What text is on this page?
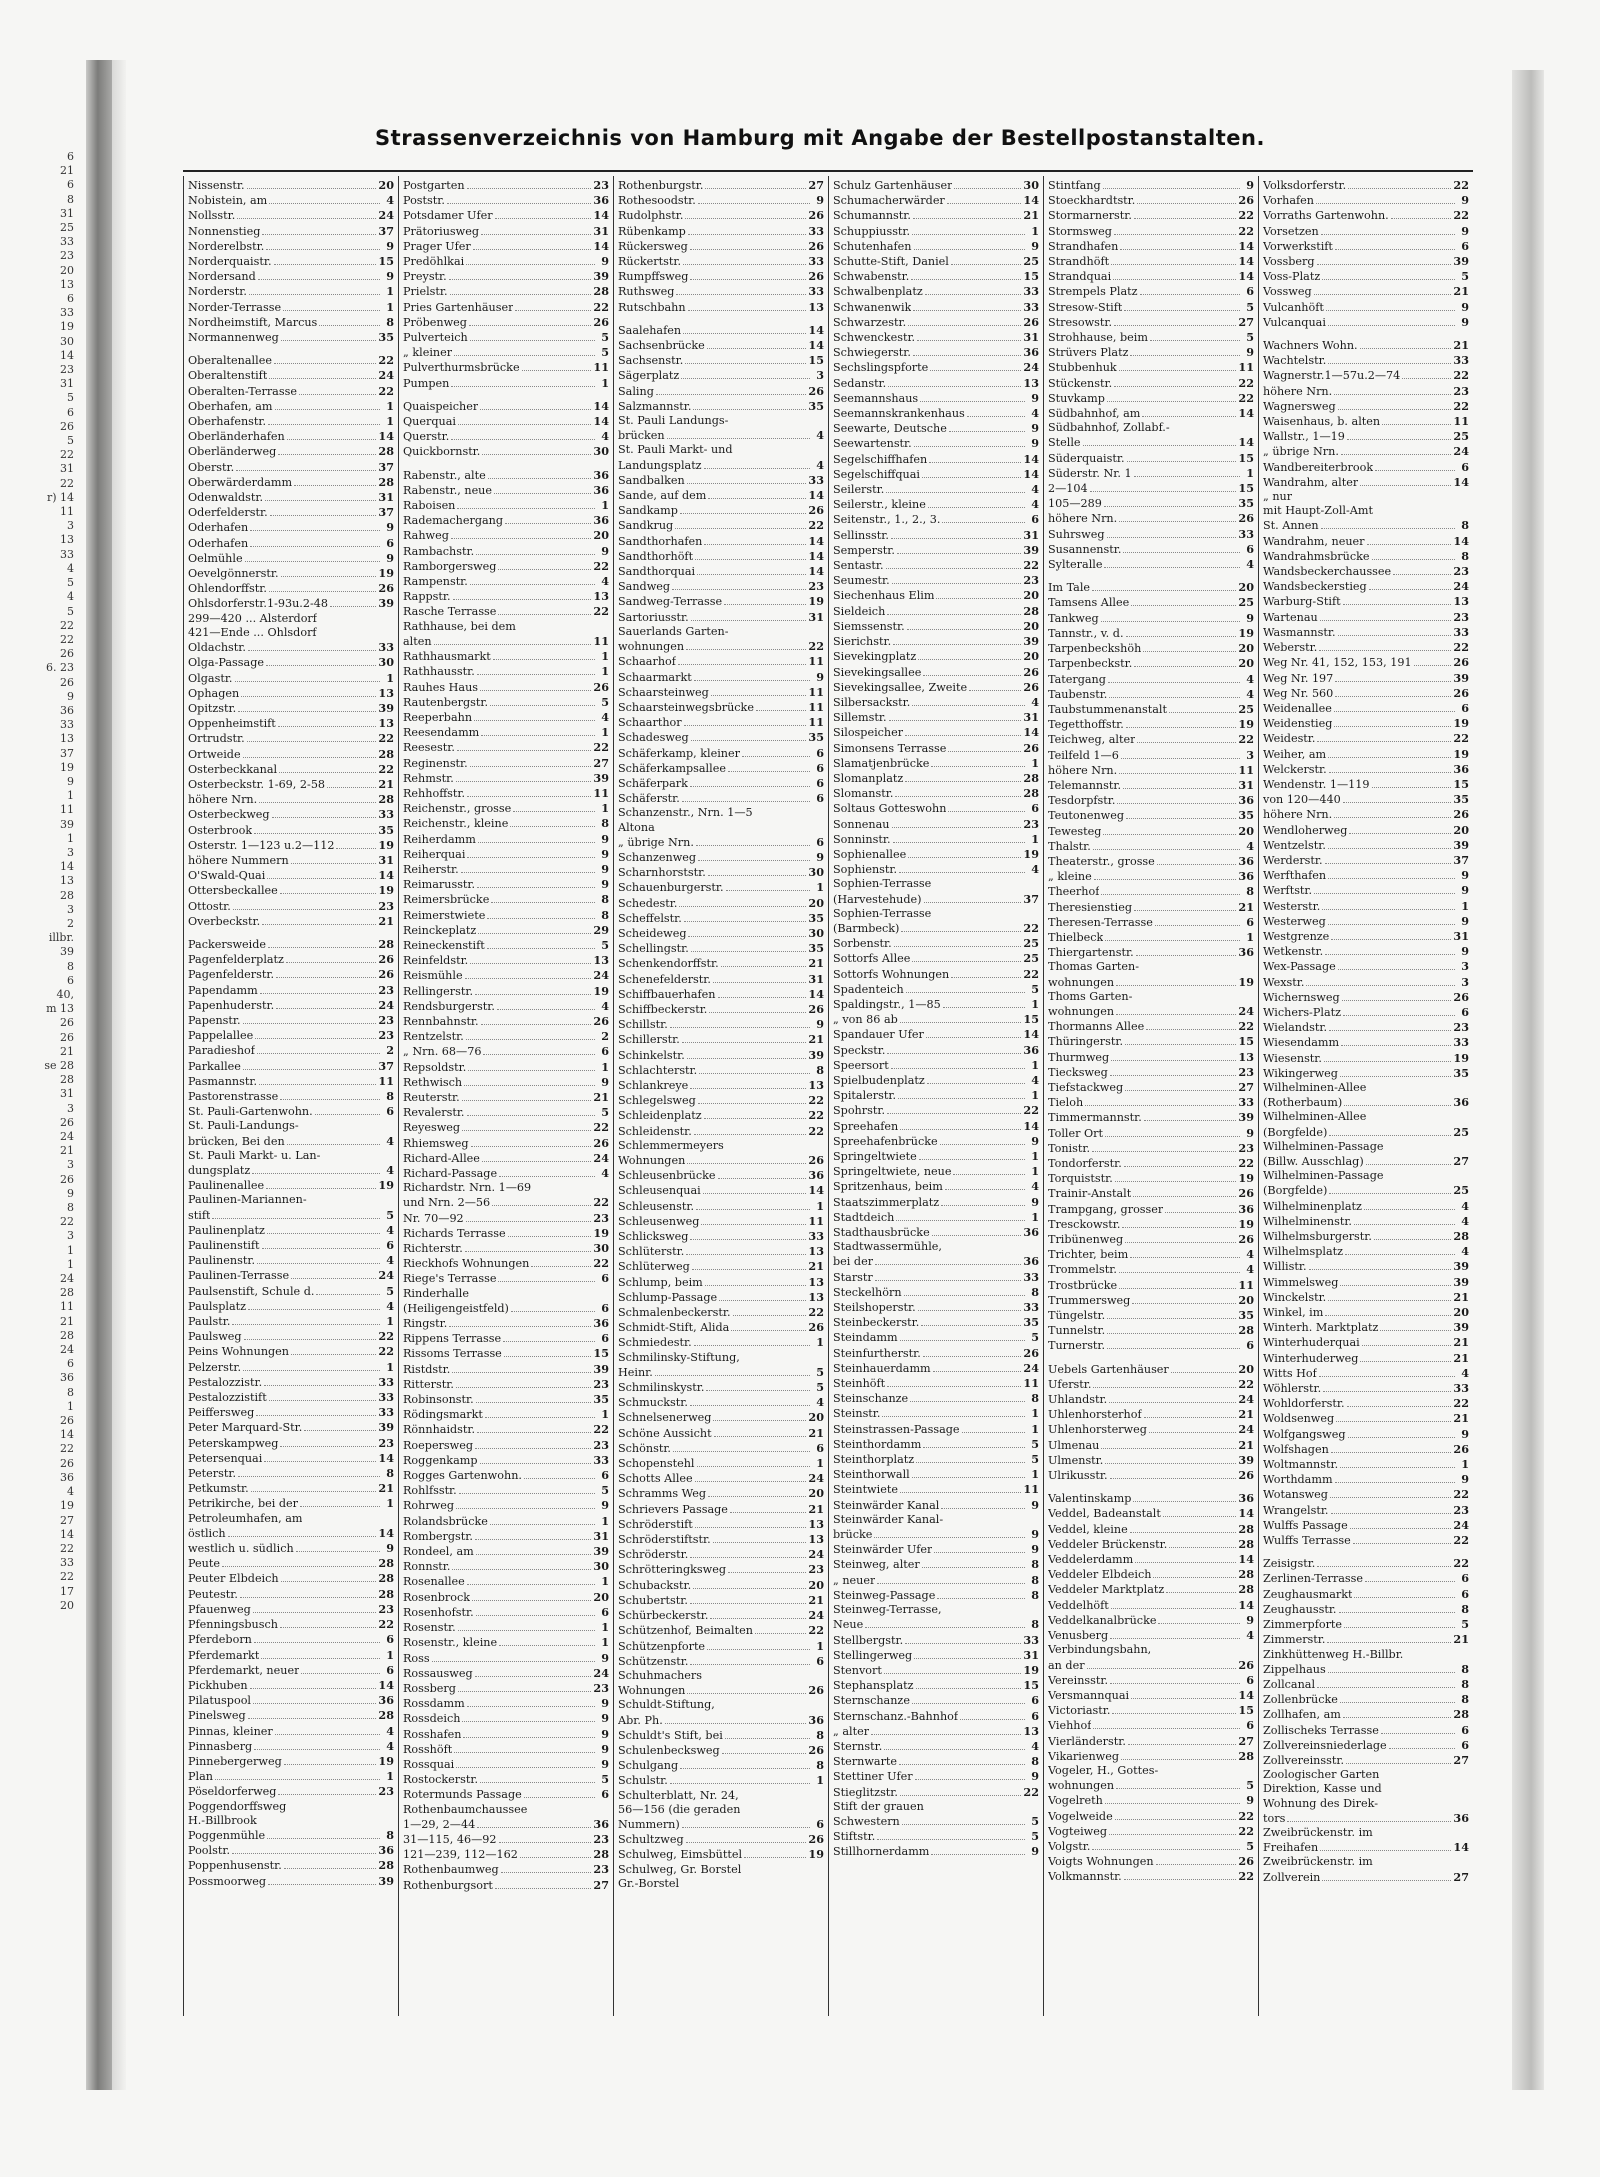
6
21
6
8
31
25
33
23
20
13
6
33
19
30
14
23
31
5
6
26
5
22
31
22
r) 14
11
3
13
33
4
5
4
5
22
22
26
6. 23
26
9
36
33
13
37
19
9
1
11
39
1
3
14
13
28
3
2
illbr.
39
8
6
40,
m 13
26
26
21
se 28
28
31
3
26
24
21
3
26
9
8
22
3
1
1
24
28
11
21
28
24
6
36
8
1
26
14
22
26
36
4
19
27
14
22
33
22
17
20
Strassenverzeichnis von Hamburg mit Angabe der Bestellpostanstalten.
Nissenstr.	20
Nobistein, am	4
Nollsstr.	24
Nonnenstieg	37
Norderelbstr.	9
Norderquaistr.	15
Nordersand	9
Norderstr.	1
Norder-Terrasse	1
Nordheimstift, Marcus	8
Normannenweg	35
Oberaltenallee	22
Oberaltenstift	24
Oberalten-Terrasse	22
Oberhafen, am	1
Oberhafenstr.	1
Oberländerhafen	14
Oberländerweg	28
Oberstr.	37
Oberwärderdamm	28
Odenwaldstr.	31
Oderfelderstr.	37
Oderhafen	9
Oderhafen	6
Oelmühle	9
Oevelgönnerstr.	19
Ohlendorffstr.	26
Ohlsdorferstr.1-93u.2-48	39
299—420 ... Alsterdorf
421—Ende ... Ohlsdorf
Oldachstr.	33
Olga-Passage	30
Olgastr.	1
Ophagen	13
Opitzstr.	39
Oppenheimstift	13
Ortrudstr.	22
Ortweide	28
Osterbeckkanal	22
Osterbeckstr. 1-69, 2-58	21
höhere Nrn.	28
Osterbeckweg	33
Osterbrook	35
Osterstr. 1—123 u.2—112	19
höhere Nummern	31
O'Swald-Quai	14
Ottersbeckallee	19
Ottostr.	23
Overbeckstr.	21
Packersweide	28
Pagenfelderplatz	26
Pagenfelderstr.	26
Papendamm	23
Papenhuderstr.	24
Papenstr.	23
Pappelallee	23
Paradieshof	2
Parkallee	37
Pasmannstr.	11
Pastorenstrasse	8
St. Pauli-Gartenwohn.	6
St. Pauli-Landungs-
brücken, Bei den	4
St. Pauli Markt- u. Lan-
dungsplatz	4
Paulinenallee	19
Paulinen-Mariannen-
stift	5
Paulinenplatz	4
Paulinenstift	6
Paulinenstr.	4
Paulinen-Terrasse	24
Paulsenstift, Schule d.	5
Paulsplatz	4
Paulstr.	1
Paulsweg	22
Peins Wohnungen	22
Pelzerstr.	1
Pestalozzistr.	33
Pestalozzistift	33
Peiffersweg	33
Peter Marquard-Str.	39
Peterskampweg	23
Petersenquai	14
Peterstr.	8
Petkumstr.	21
Petrikirche, bei der	1
Petroleumhafen, am
östlich	14
westlich u. südlich	9
Peute	28
Peuter Elbdeich	28
Peutestr.	28
Pfauenweg	23
Pfenningsbusch	22
Pferdeborn	6
Pferdemarkt	1
Pferdemarkt, neuer	6
Pickhuben	14
Pilatuspool	36
Pinelsweg	28
Pinnas, kleiner	4
Pinnasberg	4
Pinnebergerweg	19
Plan	1
Pöseldorferweg	23
Poggendorffsweg
H.-Billbrook
Poggenmühle	8
Poolstr.	36
Poppenhusenstr.	28
Possmoorweg	39
Postgarten	23
Poststr.	36
Potsdamer Ufer	14
Prätoriusweg	31
Prager Ufer	14
Predöhlkai	9
Preystr.	39
Prielstr.	28
Pries Gartenhäuser	22
Pröbenweg	26
Pulverteich	5
„ kleiner	5
Pulverthurmsbrücke	11
Pumpen	1
Quaispeicher	14
Querquai	14
Querstr.	4
Quickbornstr.	30
Rabenstr., alte	36
Rabenstr., neue	36
Raboisen	1
Rademachergang	36
Rahweg	20
Rambachstr.	9
Ramborgersweg	22
Rampenstr.	4
Rappstr.	13
Rasche Terrasse	22
Rathhause, bei dem
alten	11
Rathhausmarkt	1
Rathhausstr.	1
Rauhes Haus	26
Rautenbergstr.	5
Reeperbahn	4
Reesendamm	1
Reesestr.	22
Reginenstr.	27
Rehmstr.	39
Rehhoffstr.	11
Reichenstr., grosse	1
Reichenstr., kleine	8
Reiherdamm	9
Reiherquai	9
Reiherstr.	9
Reimarusstr.	9
Reimersbrücke	8
Reimerstwiete	8
Reinckeplatz	29
Reineckenstift	5
Reinfeldstr.	13
Reismühle	24
Rellingerstr.	19
Rendsburgerstr.	4
Rennbahnstr.	26
Rentzelstr.	2
„ Nrn. 68—76	6
Repsoldstr.	1
Rethwisch	9
Reuterstr.	21
Revalerstr.	5
Reyesweg	22
Rhiemsweg	26
Richard-Allee	24
Richard-Passage	4
Richardstr. Nrn. 1—69
und Nrn. 2—56	22
Nr. 70—92	23
Richards Terrasse	19
Richterstr.	30
Rieckhofs Wohnungen	22
Riege's Terrasse	6
Rinderhalle
(Heiligengeistfeld)	6
Ringstr.	36
Rippens Terrasse	6
Rissoms Terrasse	15
Ristdstr.	39
Ritterstr.	23
Robinsonstr.	35
Rödingsmarkt	1
Rönnhaidstr.	22
Roepersweg	23
Roggenkamp	33
Rogges Gartenwohn.	6
Rohlfsstr.	5
Rohrweg	9
Rolandsbrücke	1
Rombergstr.	31
Rondeel, am	39
Ronnstr.	30
Rosenallee	1
Rosenbrock	20
Rosenhofstr.	6
Rosenstr.	1
Rosenstr., kleine	1
Ross	9
Rossausweg	24
Rossberg	23
Rossdamm	9
Rossdeich	9
Rosshafen	9
Rosshöft	9
Rossquai	9
Rostockerstr.	5
Rotermunds Passage	6
Rothenbaumchaussee
1—29, 2—44	36
31—115, 46—92	23
121—239, 112—162	28
Rothenbaumweg	23
Rothenburgsort	27
Rothenburgstr.	27
Rothesoodstr.	9
Rudolphstr.	26
Rübenkamp	33
Rückersweg	26
Rückertstr.	33
Rumpffsweg	26
Ruthsweg	33
Rutschbahn	13
Saalehafen	14
Sachsenbrücke	14
Sachsenstr.	15
Sägerplatz	3
Saling	26
Salzmannstr.	35
St. Pauli Landungs-
brücken	4
St. Pauli Markt- und
Landungsplatz	4
Sandbalken	33
Sande, auf dem	14
Sandkamp	26
Sandkrug	22
Sandthorhafen	14
Sandthorhöft	14
Sandthorquai	14
Sandweg	23
Sandweg-Terrasse	19
Sartoriusstr.	31
Sauerlands Garten-
wohnungen	22
Schaarhof	11
Schaarmarkt	9
Schaarsteinweg	11
Schaarsteinwegsbrücke	11
Schaarthor	11
Schadesweg	35
Schäferkamp, kleiner	6
Schäferkampsallee	6
Schäferpark	6
Schäferstr.	6
Schanzenstr., Nrn. 1—5
Altona
„ übrige Nrn.	6
Schanzenweg	9
Scharnhorststr.	30
Schauenburgerstr.	1
Schedestr.	20
Scheffelstr.	35
Scheideweg	30
Schellingstr.	35
Schenkendorffstr.	21
Schenefelderstr.	31
Schiffbauerhafen	14
Schiffbeckerstr.	26
Schillstr.	9
Schillerstr.	21
Schinkelstr.	39
Schlachterstr.	8
Schlankreye	13
Schlegelsweg	22
Schleidenplatz	22
Schleidenstr.	22
Schlemmermeyers
Wohnungen	26
Schleusenbrücke	36
Schleusenquai	14
Schleusenstr.	1
Schleusenweg	11
Schlicksweg	33
Schlüterstr.	13
Schlüterweg	21
Schlump, beim	13
Schlump-Passage	13
Schmalenbeckerstr.	22
Schmidt-Stift, Alida	26
Schmiedestr.	1
Schmilinsky-Stiftung,
Heinr.	5
Schmilinskystr.	5
Schmuckstr.	4
Schnelsenerweg	20
Schöne Aussicht	21
Schönstr.	6
Schopenstehl	1
Schotts Allee	24
Schramms Weg	20
Schrievers Passage	21
Schröderstift	13
Schröderstiftstr.	13
Schröderstr.	24
Schrötteringksweg	23
Schubackstr.	20
Schubertstr.	21
Schürbeckerstr.	24
Schützenhof, Beimalten	22
Schützenpforte	1
Schützenstr.	6
Schuhmachers
Wohnungen	26
Schuldt-Stiftung,
Abr. Ph.	36
Schuldt's Stift, bei	8
Schulenbecksweg	26
Schulgang	8
Schulstr.	1
Schulterblatt, Nr. 24,
56—156 (die geraden
Nummern)	6
Schultzweg	26
Schulweg, Eimsbüttel	19
Schulweg, Gr. Borstel
Gr.-Borstel
Schulz Gartenhäuser	30
Schumacherwärder	14
Schumannstr.	21
Schuppiusstr.	1
Schutenhafen	9
Schutte-Stift, Daniel	25
Schwabenstr.	15
Schwalbenplatz	33
Schwanenwik	33
Schwarzestr.	26
Schwenckestr.	31
Schwiegerstr.	36
Sechslingspforte	24
Sedanstr.	13
Seemannshaus	9
Seemannskrankenhaus	4
Seewarte, Deutsche	9
Seewartenstr.	9
Segelschiffhafen	14
Segelschiffquai	14
Seilerstr.	4
Seilerstr., kleine	4
Seitenstr., 1., 2., 3.	6
Sellinsstr.	31
Semperstr.	39
Sentastr.	22
Seumestr.	23
Siechenhaus Elim	20
Sieldeich	28
Siemssenstr.	20
Sierichstr.	39
Sievekingplatz	20
Sievekingsallee	26
Sievekingsallee, Zweite	26
Silbersackstr.	4
Sillemstr.	31
Silospeicher	14
Simonsens Terrasse	26
Slamatjenbrücke	1
Slomanplatz	28
Slomanstr.	28
Soltaus Gotteswohn	6
Sonnenau	23
Sonninstr.	1
Sophienallee	19
Sophienstr.	4
Sophien-Terrasse
(Harvestehude)	37
Sophien-Terrasse
(Barmbeck)	22
Sorbenstr.	25
Sottorfs Allee	25
Sottorfs Wohnungen	22
Spadenteich	5
Spaldingstr., 1—85	1
„ von 86 ab	15
Spandauer Ufer	14
Speckstr.	36
Speersort	1
Spielbudenplatz	4
Spitalerstr.	1
Spohrstr.	22
Spreehafen	14
Spreehafenbrücke	9
Springeltwiete	1
Springeltwiete, neue	1
Spritzenhaus, beim	4
Staatszimmerplatz	9
Stadtdeich	1
Stadthausbrücke	36
Stadtwassermühle,
bei der	36
Starstr	33
Steckelhörn	8
Steilshoperstr.	33
Steinbeckerstr.	35
Steindamm	5
Steinfurtherstr.	26
Steinhauerdamm	24
Steinhöft	11
Steinschanze	8
Steinstr.	1
Steinstrassen-Passage	1
Steinthordamm	5
Steinthorplatz	5
Steinthorwall	1
Steintwiete	11
Steinwärder Kanal	9
Steinwärder Kanal-
brücke	9
Steinwärder Ufer	9
Steinweg, alter	8
„ neuer	8
Steinweg-Passage	8
Steinweg-Terrasse,
Neue	8
Stellbergstr.	33
Stellingerweg	31
Stenvort	19
Stephansplatz	15
Sternschanze	6
Sternschanz.-Bahnhof	6
„ alter	13
Sternstr.	4
Sternwarte	8
Stettiner Ufer	9
Stieglitzstr.	22
Stift der grauen
Schwestern	5
Stiftstr.	5
Stillhornerdamm	9
Stintfang	9
Stoeckhardtstr.	26
Stormarnerstr.	22
Stormsweg	22
Strandhafen	14
Strandhöft	14
Strandquai	14
Strempels Platz	6
Stresow-Stift	5
Stresowstr.	27
Strohhause, beim	5
Strüvers Platz	9
Stubbenhuk	11
Stückenstr.	22
Stuvkamp	22
Südbahnhof, am	14
Südbahnhof, Zollabf.-
Stelle	14
Süderquaistr.	15
Süderstr. Nr. 1	1
2—104	15
105—289	35
höhere Nrn.	26
Suhrsweg	33
Susannenstr.	6
Sylteralle	4
Im Tale	20
Tamsens Allee	25
Tankweg	9
Tannstr., v. d.	19
Tarpenbeckshöh	20
Tarpenbeckstr.	20
Tatergang	4
Taubenstr.	4
Taubstummenanstalt	25
Tegetthoffstr.	19
Teichweg, alter	22
Teilfeld 1—6	3
höhere Nrn.	11
Telemannstr.	31
Tesdorpfstr.	36
Teutonenweg	35
Tewesteg	20
Thalstr.	4
Theaterstr., grosse	36
„ kleine	36
Theerhof	8
Theresienstieg	21
Theresen-Terrasse	6
Thielbeck	1
Thiergartenstr.	36
Thomas Garten-
wohnungen	19
Thoms Garten-
wohnungen	24
Thormanns Allee	22
Thüringerstr.	15
Thurmweg	13
Tiecksweg	23
Tiefstackweg	27
Tieloh	33
Timmermannstr.	39
Toller Ort	9
Tonistr.	23
Tondorferstr.	22
Torquiststr.	19
Trainir-Anstalt	26
Trampgang, grosser	36
Tresckowstr.	19
Tribünenweg	26
Trichter, beim	4
Trommelstr.	4
Trostbrücke	11
Trummersweg	20
Tüngelstr.	35
Tunnelstr.	28
Turnerstr.	6
Uebels Gartenhäuser	20
Uferstr.	22
Uhlandstr.	24
Uhlenhorsterhof	21
Uhlenhorsterweg	24
Ulmenau	21
Ulmenstr.	39
Ulrikusstr.	26
Valentinskamp	36
Veddel, Badeanstalt	14
Veddel, kleine	28
Veddeler Brückenstr.	28
Veddelerdamm	14
Veddeler Elbdeich	28
Veddeler Marktplatz	28
Veddelhöft	14
Veddelkanalbrücke	9
Venusberg	4
Verbindungsbahn,
an der	26
Vereinsstr.	6
Versmannquai	14
Victoriastr.	15
Viehhof	6
Vierländerstr.	27
Vikarienweg	28
Vogeler, H., Gottes-
wohnungen	5
Vogelreth	9
Vogelweide	22
Vogteiweg	22
Volgstr.	5
Voigts Wohnungen	26
Volkmannstr.	22
Volksdorferstr.	22
Vorhafen	9
Vorraths Gartenwohn.	22
Vorsetzen	9
Vorwerkstift	6
Vossberg	39
Voss-Platz	5
Vossweg	21
Vulcanhöft	9
Vulcanquai	9
Wachners Wohn.	21
Wachtelstr.	33
Wagnerstr.1—57u.2—74	22
höhere Nrn.	23
Wagnersweg	22
Waisenhaus, b. alten	11
Wallstr., 1—19	25
„ übrige Nrn.	24
Wandbereiterbrook	6
Wandrahm, alter	14
„ nur
mit Haupt-Zoll-Amt
St. Annen	8
Wandrahm, neuer	14
Wandrahmsbrücke	8
Wandsbeckerchaussee	23
Wandsbeckerstieg	24
Warburg-Stift	13
Wartenau	23
Wasmannstr.	33
Weberstr.	22
Weg Nr. 41, 152, 153, 191	26
Weg Nr. 197	39
Weg Nr. 560	26
Weidenallee	6
Weidenstieg	19
Weidestr.	22
Weiher, am	19
Welckerstr.	36
Wendenstr. 1—119	15
von 120—440	35
höhere Nrn.	26
Wendloherweg	20
Wentzelstr.	39
Werderstr.	37
Werfthafen	9
Werftstr.	9
Westerstr.	1
Westerweg	9
Westgrenze	31
Wetkenstr.	9
Wex-Passage	3
Wexstr.	3
Wichernsweg	26
Wichers-Platz	6
Wielandstr.	23
Wiesendamm	33
Wiesenstr.	19
Wikingerweg	35
Wilhelminen-Allee
(Rotherbaum)	36
Wilhelminen-Allee
(Borgfelde)	25
Wilhelminen-Passage
(Billw. Ausschlag)	27
Wilhelminen-Passage
(Borgfelde)	25
Wilhelminenplatz	4
Wilhelminenstr.	4
Wilhelmsburgerstr.	28
Wilhelmsplatz	4
Willistr.	39
Wimmelsweg	39
Winckelstr.	21
Winkel, im	20
Winterh. Marktplatz	39
Winterhuderquai	21
Winterhuderweg	21
Witts Hof	4
Wöhlerstr.	33
Wohldorferstr.	22
Woldsenweg	21
Wolfgangsweg	9
Wolfshagen	26
Woltmannstr.	1
Worthdamm	9
Wotansweg	22
Wrangelstr.	23
Wulffs Passage	24
Wulffs Terrasse	22
Zeisigstr.	22
Zerlinen-Terrasse	6
Zeughausmarkt	6
Zeughausstr.	8
Zimmerpforte	5
Zimmerstr.	21
Zinkhüttenweg H.-Billbr.
Zippelhaus	8
Zollcanal	8
Zollenbrücke	8
Zollhafen, am	28
Zollischeks Terrasse	6
Zollvereinsniederlage	6
Zollvereinsstr.	27
Zoologischer Garten
Direktion, Kasse und
Wohnung des Direk-
tors	36
Zweibrückenstr. im
Freihafen	14
Zweibrückenstr. im
Zollverein	27
